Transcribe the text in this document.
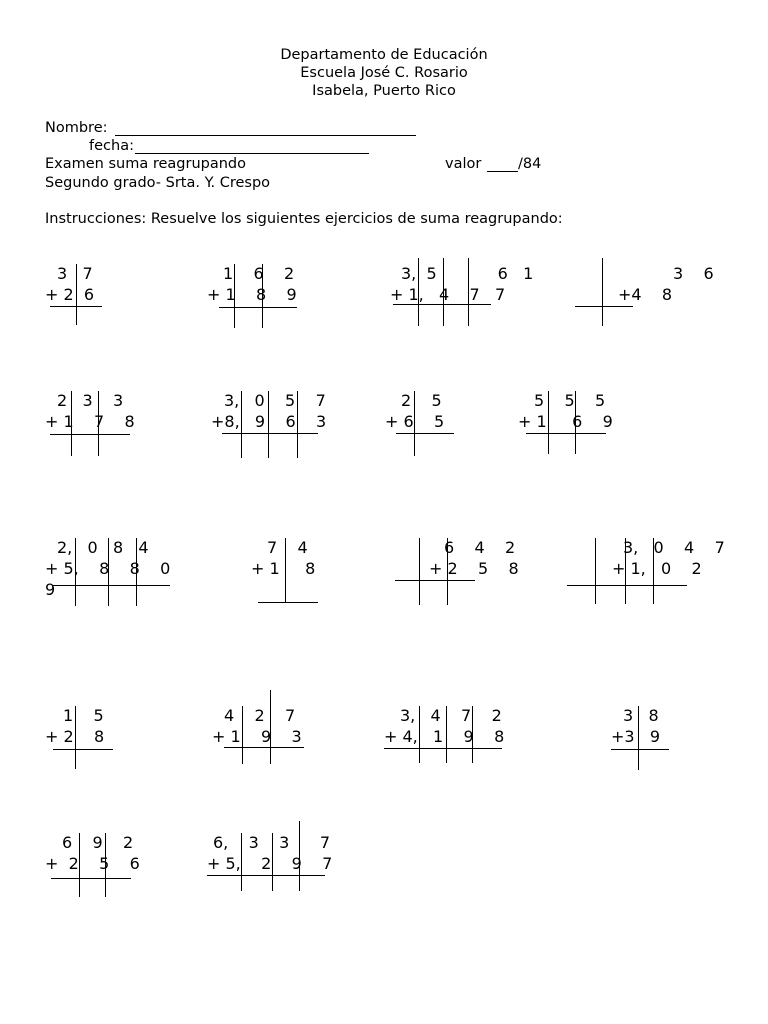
Departamento de Educación
Escuela José C. Rosario
Isabela, Puerto Rico
Nombre:
fecha:
Examen suma reagrupando	valor	/84
Segundo grado- Srta. Y. Crespo
Instrucciones: Resuelve los siguientes ejercicios de suma reagrupando:

3   7

+ 2  6

1    6    2

+ 1    8    9

3,  5            6   1

+ 1,   4    7   7

3    6

+4    8

2   3    3

+ 1    7    8

3,   0    5    7

+8,   9    6    3

2    5

+ 6    5

5    5    5

+ 1     6    9

2,   0   8   4

+ 5,    8    8    0

9

7    4

+ 1     8

6    4    2

+ 2    5    8

3,   0    4    7

+ 1,   0    2

1    5

+ 2    8

4    2    7

+ 1    9    3

3,   4    7    2

+ 4,   1    9    8

3   8

+3   9

6    9    2

+  2    5    6

6,    3    3      7

+ 5,    2    9    7
